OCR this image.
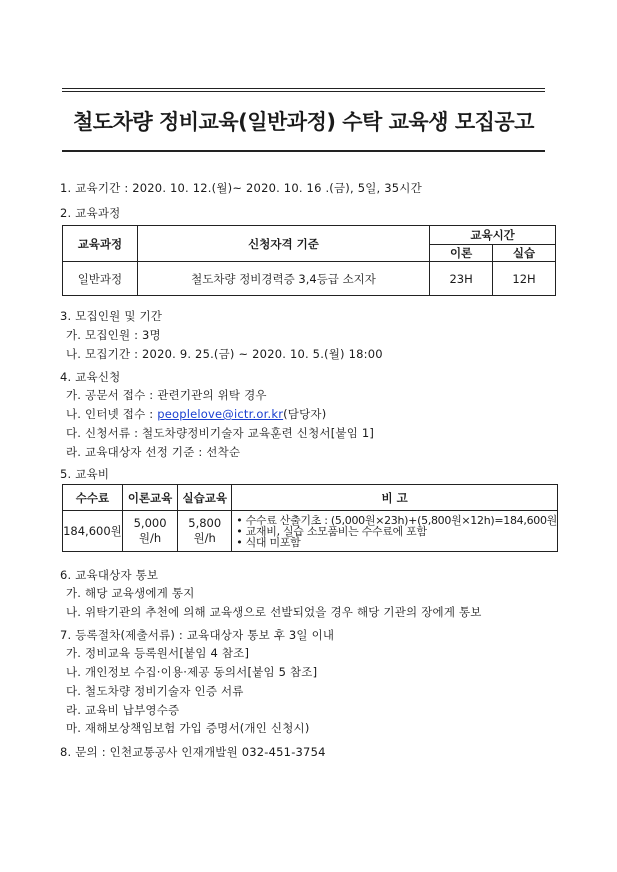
철도차량 정비교육(일반과정) 수탁 교육생 모집공고
1. 교육기간 : 2020. 10. 12.(월)~ 2020. 10. 16 .(금), 5일, 35시간
2. 교육과정
교육과정	신청자격 기준	교육시간	
		이론	실습
일반과정	철도차량 정비경력증 3,4등급 소지자	23H	12H
3. 모집인원 및 기간
가. 모집인원 : 3명
나. 모집기간 : 2020. 9. 25.(금) ~ 2020. 10. 5.(월) 18:00
4. 교육신청
가. 공문서 접수 : 관련기관의 위탁 경우
나. 인터넷 접수 : peoplelove@ictr.or.kr(담당자)
다. 신청서류 : 철도차량정비기술자 교육훈련 신청서[붙임 1]
라. 교육대상자 선정 기준 : 선착순
5. 교육비
수수료	이론교육	실습교육	비 고
184,600원	5,000원/h	5,800원/h	• 수수료 산출기초 : (5,000원×23h)+(5,800원×12h)=184,600원
• 교재비, 실습 소모품비는 수수료에 포함
• 식대 미포함
6. 교육대상자 통보
가. 해당 교육생에게 통지
나. 위탁기관의 추천에 의해 교육생으로 선발되었을 경우 해당 기관의 장에게 통보
7. 등록절차(제출서류) : 교육대상자 통보 후 3일 이내
가. 정비교육 등록원서[붙임 4 참조]
나. 개인정보 수집·이용·제공 동의서[붙임 5 참조]
다. 철도차량 정비기술자 인증 서류
라. 교육비 납부영수증
마. 재해보상책임보험 가입 증명서(개인 신청시)
8. 문의 : 인천교통공사 인재개발원 032-451-3754
